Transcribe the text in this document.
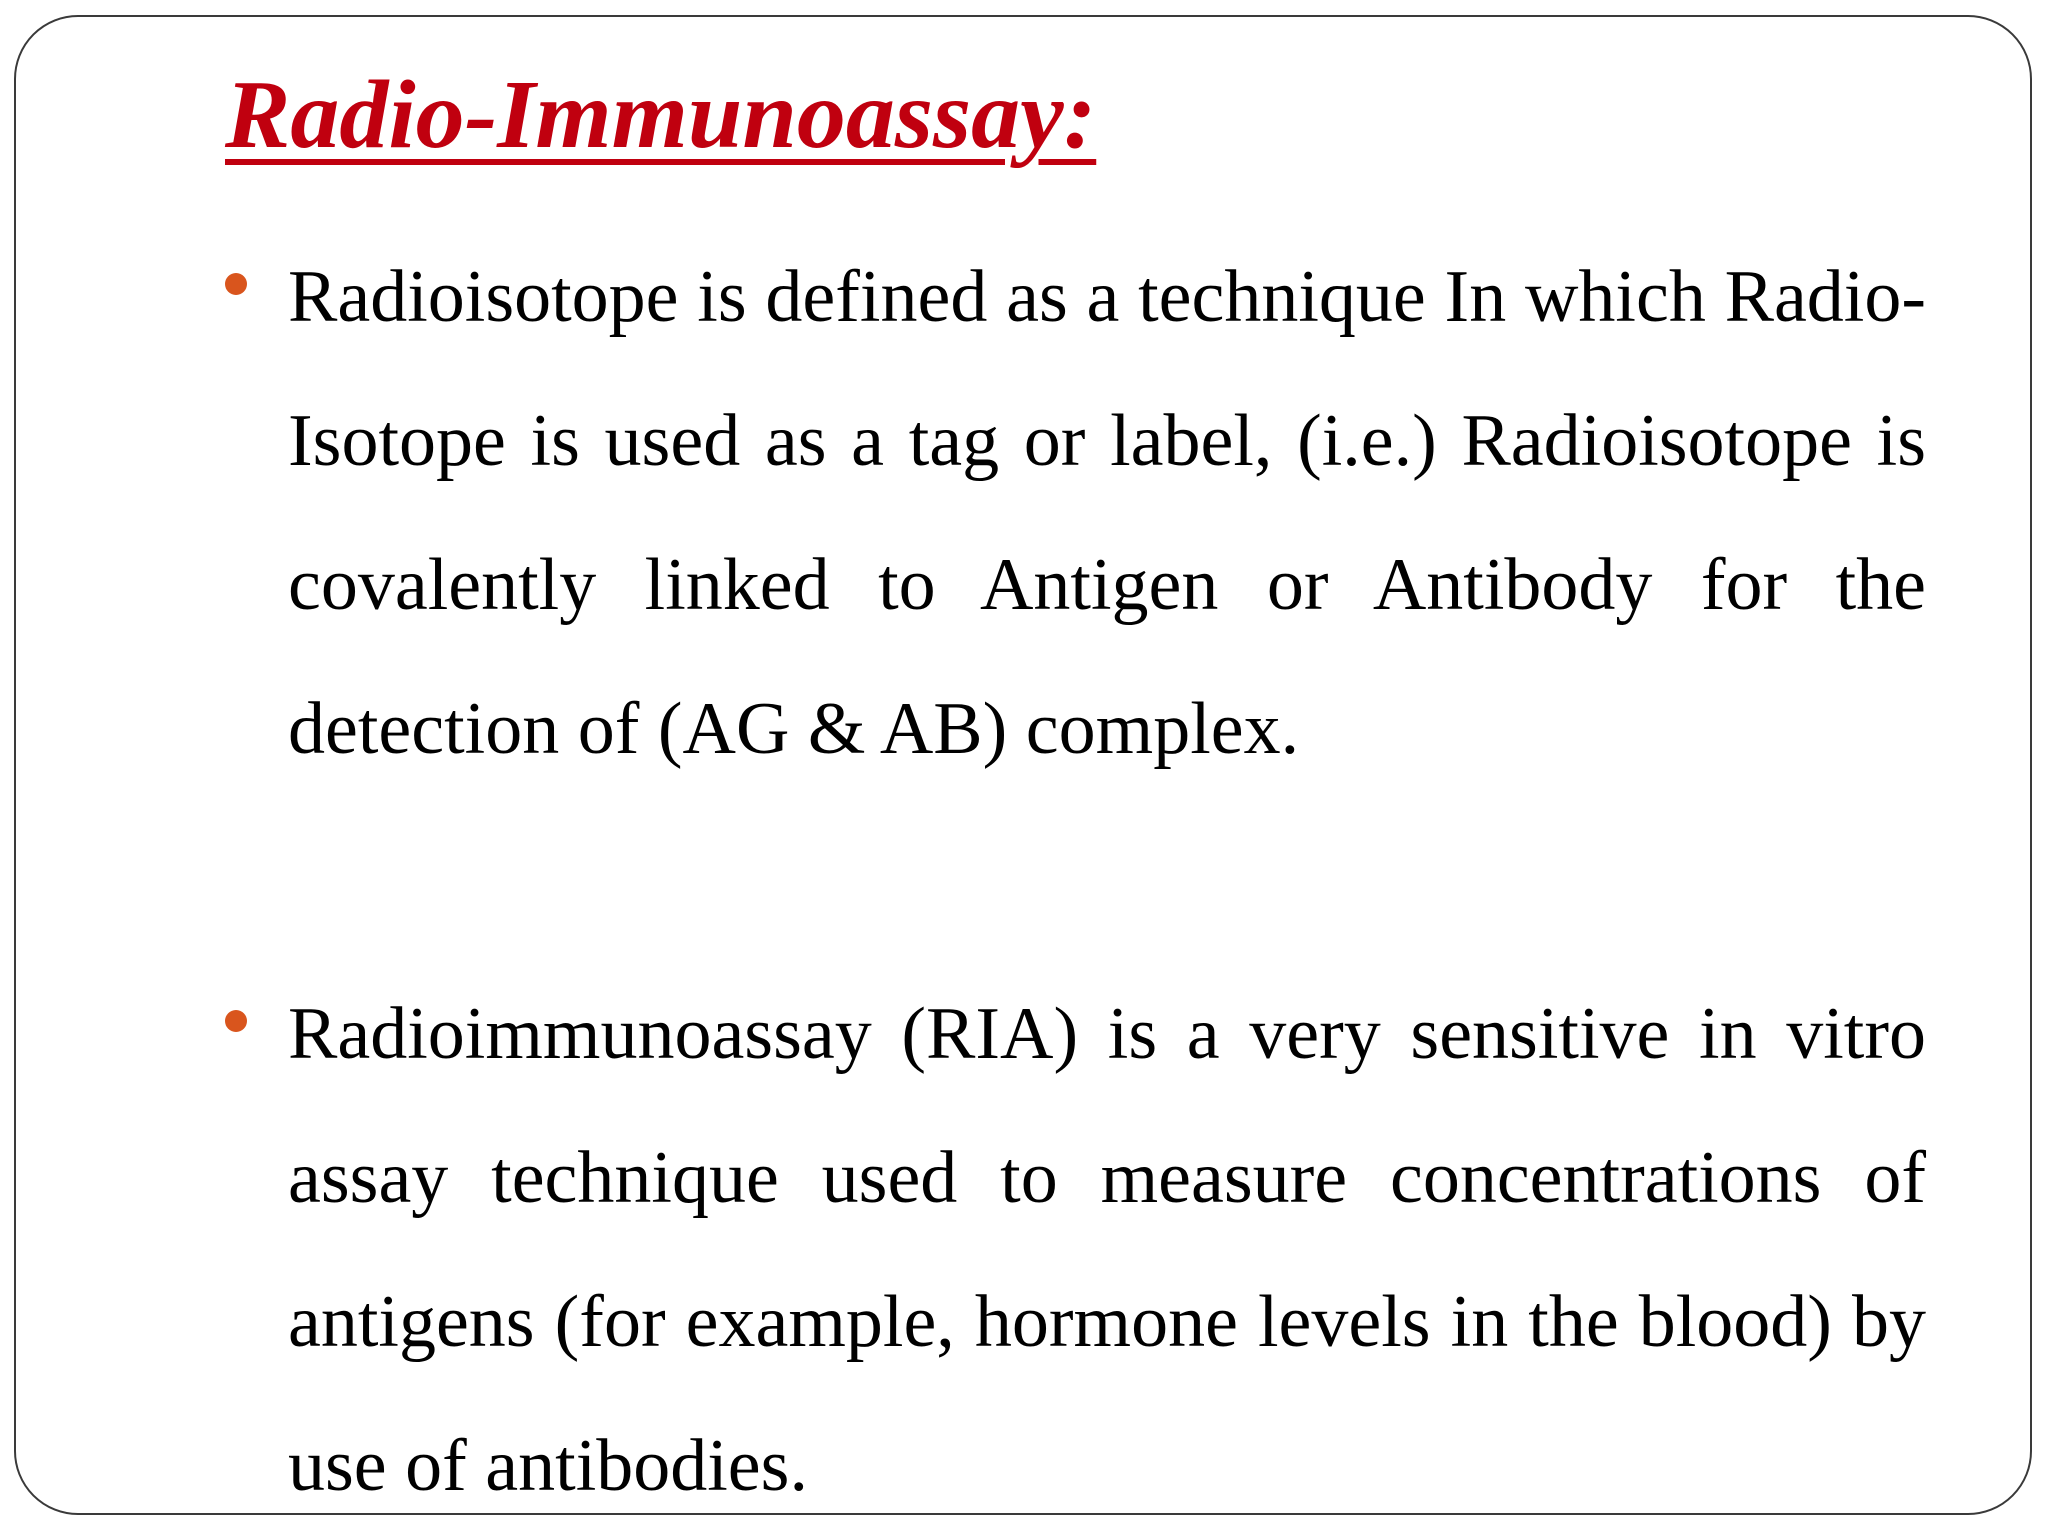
Radio-Immunoassay:
Radioisotope is defined as a technique In which Radio-Isotope is used as a tag or label, (i.e.) Radioisotope is covalently linked to Antigen or Antibody for the detection of (AG & AB) complex.
Radioimmunoassay (RIA) is a very sensitive in vitro assay technique used to measure concentrations of antigens (for example, hormone levels in the blood) by use of antibodies.
